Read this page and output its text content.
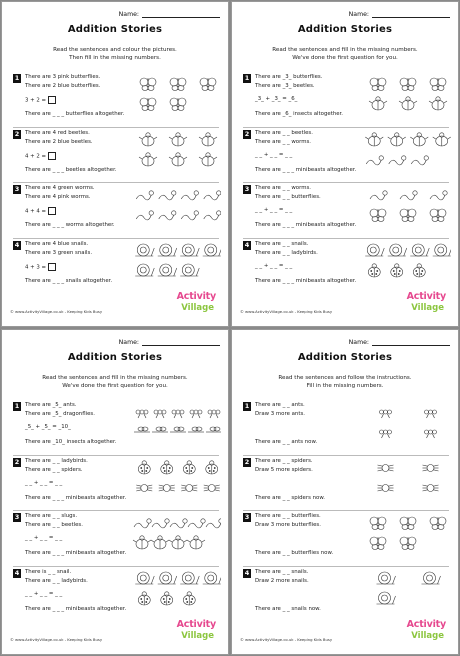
Name:
Addition Stories
Read the sentences and colour the pictures.
Then fill in the missing numbers.
1	There are 3 pink butterflies.
There are 2 blue butterflies.
3 + 2 =
There are _ _ _ butterflies altogether.
2	There are 4 red beetles.
There are 2 blue beetles.
4 + 2 =
There are _ _ _ beetles altogether.
3	There are 4 green worms.
There are 4 pink worms.
4 + 4 =
There are _ _ _ worms altogether.
4	There are 4 blue snails.
There are 3 green snails.
4 + 3 =
There are _ _ _ snails altogether.
© www.ActivityVillage.co.uk - Keeping Kids Busy
Activity
Village
Name:
Addition Stories
Read the sentences and fill in the missing numbers.
We've done the first question for you.
1	There are _3_ butterflies.
There are _3_ beetles.
_3_ + _3_ = _6_
There are _6_ insects altogether.
2	There are _ _ beetles.
There are _ _ worms.
_ _ + _ _ = _ _
There are _ _ _ minibeasts altogether.
3	There are _ _ worms.
There are _ _ butterflies.
_ _ + _ _ = _ _
There are _ _ _ minibeasts altogether.
4	There are _ _ snails.
There are _ _ ladybirds.
_ _ + _ _ = _ _
There are _ _ _ minibeasts altogether.
© www.ActivityVillage.co.uk - Keeping Kids Busy
Activity
Village
Name:
Addition Stories
Read the sentences and fill in the missing numbers.
We've done the first question for you.
1	There are _5_ ants.
There are _5_ dragonflies.
_5_ + _5_ = _10_
There are _10_ insects altogether.
2	There are _ _ ladybirds.
There are _ _ spiders.
_ _ + _ _ = _ _
There are _ _ _ minibeasts altogether.
3	There are _ _ slugs.
There are _ _ beetles.
_ _ + _ _ = _ _
There are _ _ _ minibeasts altogether.
4	There is _ _ snail.
There are _ _ ladybirds.
_ _ + _ _ = _ _
There are _ _ _ minibeasts altogether.
© www.ActivityVillage.co.uk - Keeping Kids Busy
Activity
Village
Name:
Addition Stories
Read the sentences and follow the instructions.
Fill in the missing numbers.
1	There are _ _ ants.
Draw 3 more ants.
There are _ _ ants now.
2	There are _ _ spiders.
Draw 5 more spiders.
There are _ _ spiders now.
3	There are _ _ butterflies.
Draw 3 more butterflies.
There are _ _ butterflies now.
4	There are _ _ snails.
Draw 2 more snails.
There are _ _ snails now.
© www.ActivityVillage.co.uk - Keeping Kids Busy
Activity
Village
